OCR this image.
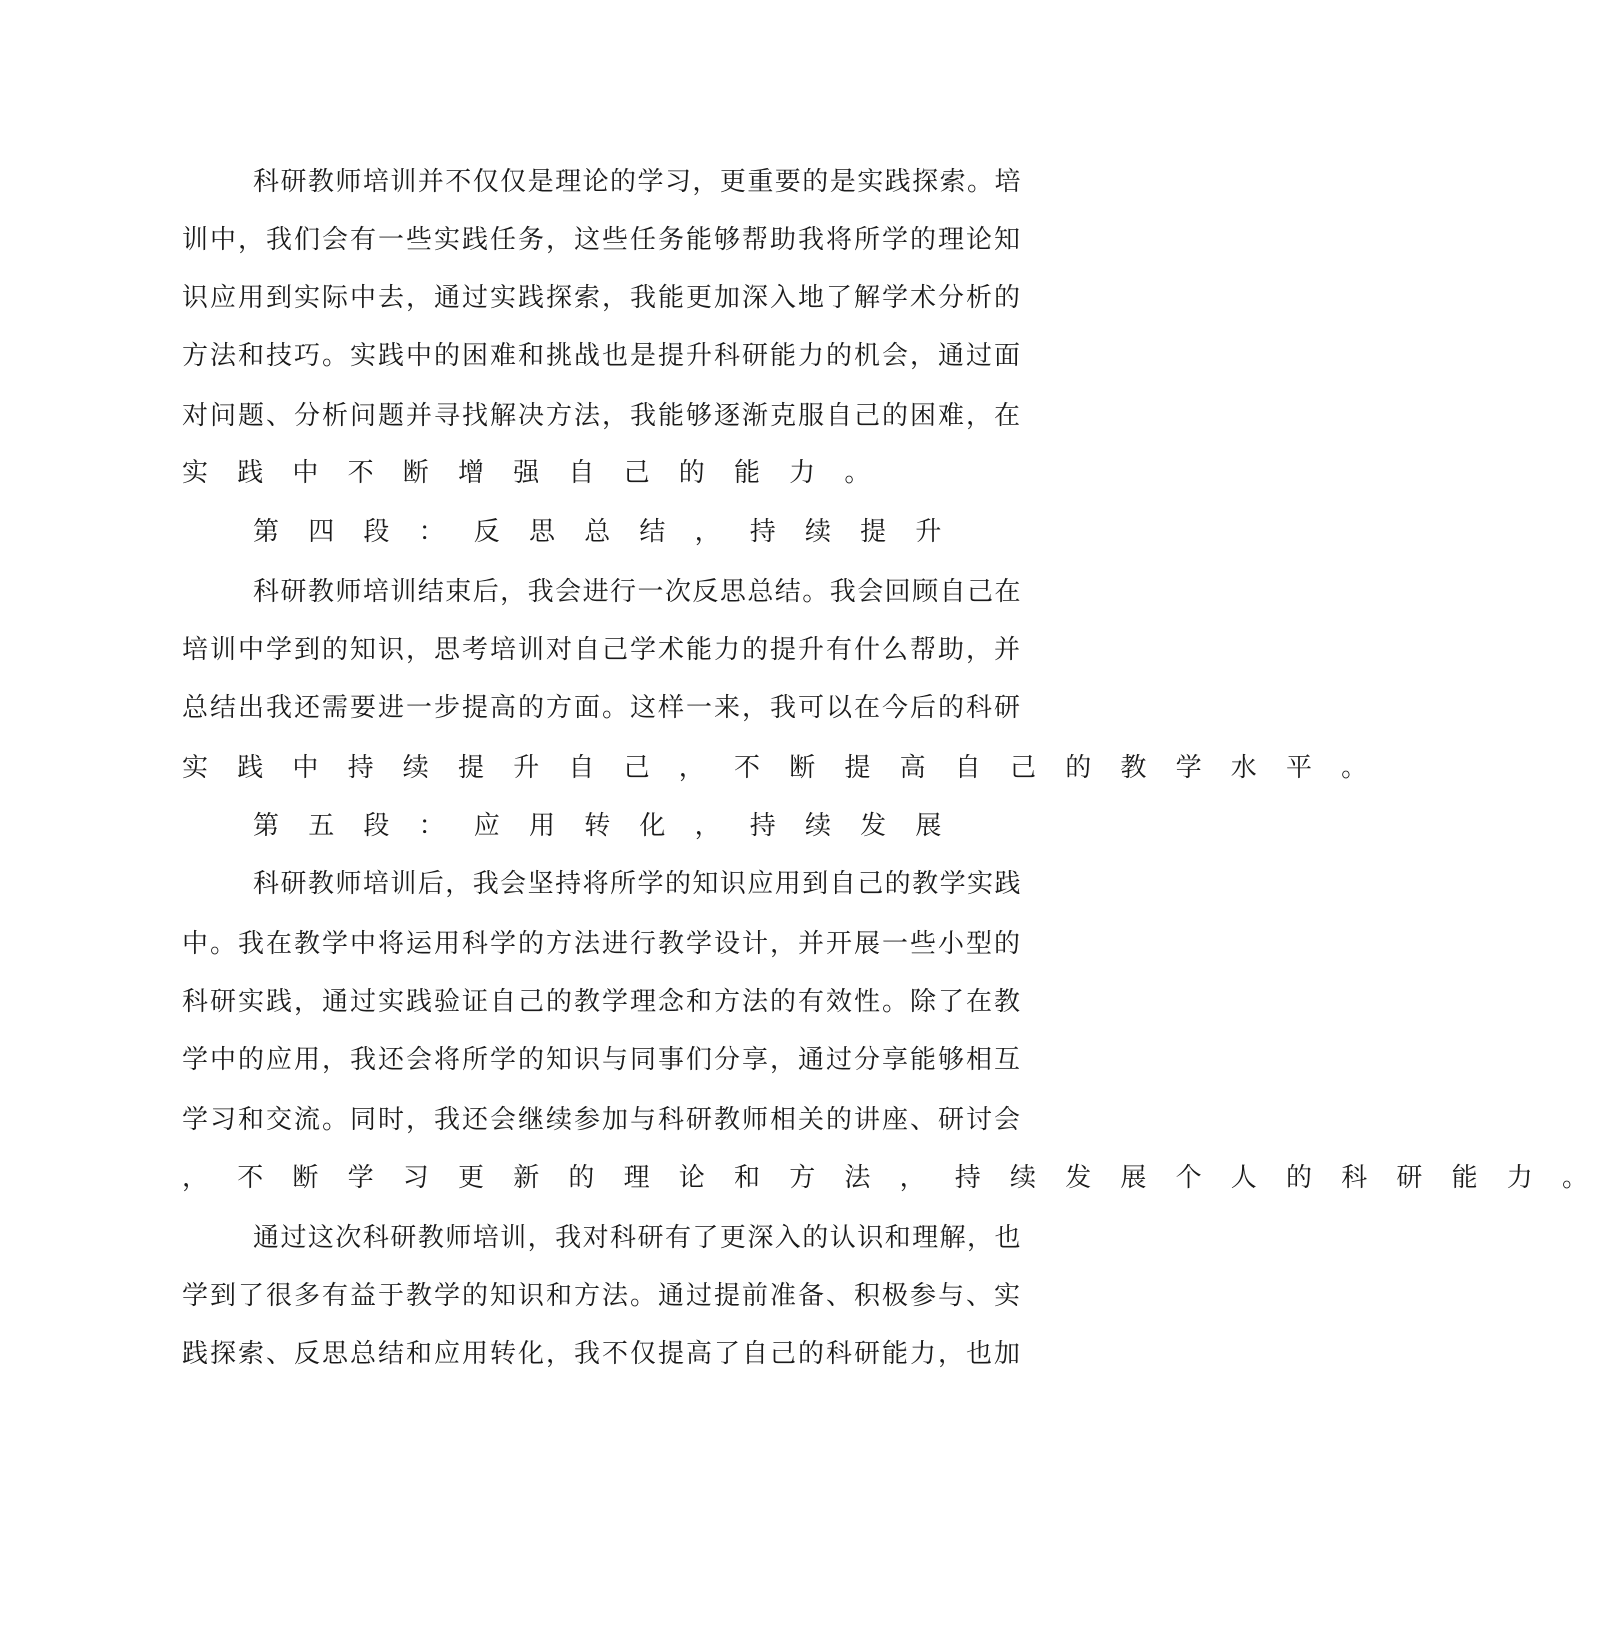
科研教师培训并不仅仅是理论的学习，更重要的是实践探索。培
训中，我们会有一些实践任务，这些任务能够帮助我将所学的理论知
识应用到实际中去，通过实践探索，我能更加深入地了解学术分析的
方法和技巧。实践中的困难和挑战也是提升科研能力的机会，通过面
对问题、分析问题并寻找解决方法，我能够逐渐克服自己的困难，在
实践中不断增强自己的能力。
第四段：反思总结，持续提升
科研教师培训结束后，我会进行一次反思总结。我会回顾自己在
培训中学到的知识，思考培训对自己学术能力的提升有什么帮助，并
总结出我还需要进一步提高的方面。这样一来，我可以在今后的科研
实践中持续提升自己，不断提高自己的教学水平。
第五段：应用转化，持续发展
科研教师培训后，我会坚持将所学的知识应用到自己的教学实践
中。我在教学中将运用科学的方法进行教学设计，并开展一些小型的
科研实践，通过实践验证自己的教学理念和方法的有效性。除了在教
学中的应用，我还会将所学的知识与同事们分享，通过分享能够相互
学习和交流。同时，我还会继续参加与科研教师相关的讲座、研讨会
，不断学习更新的理论和方法，持续发展个人的科研能力。
通过这次科研教师培训，我对科研有了更深入的认识和理解，也
学到了很多有益于教学的知识和方法。通过提前准备、积极参与、实
践探索、反思总结和应用转化，我不仅提高了自己的科研能力，也加
